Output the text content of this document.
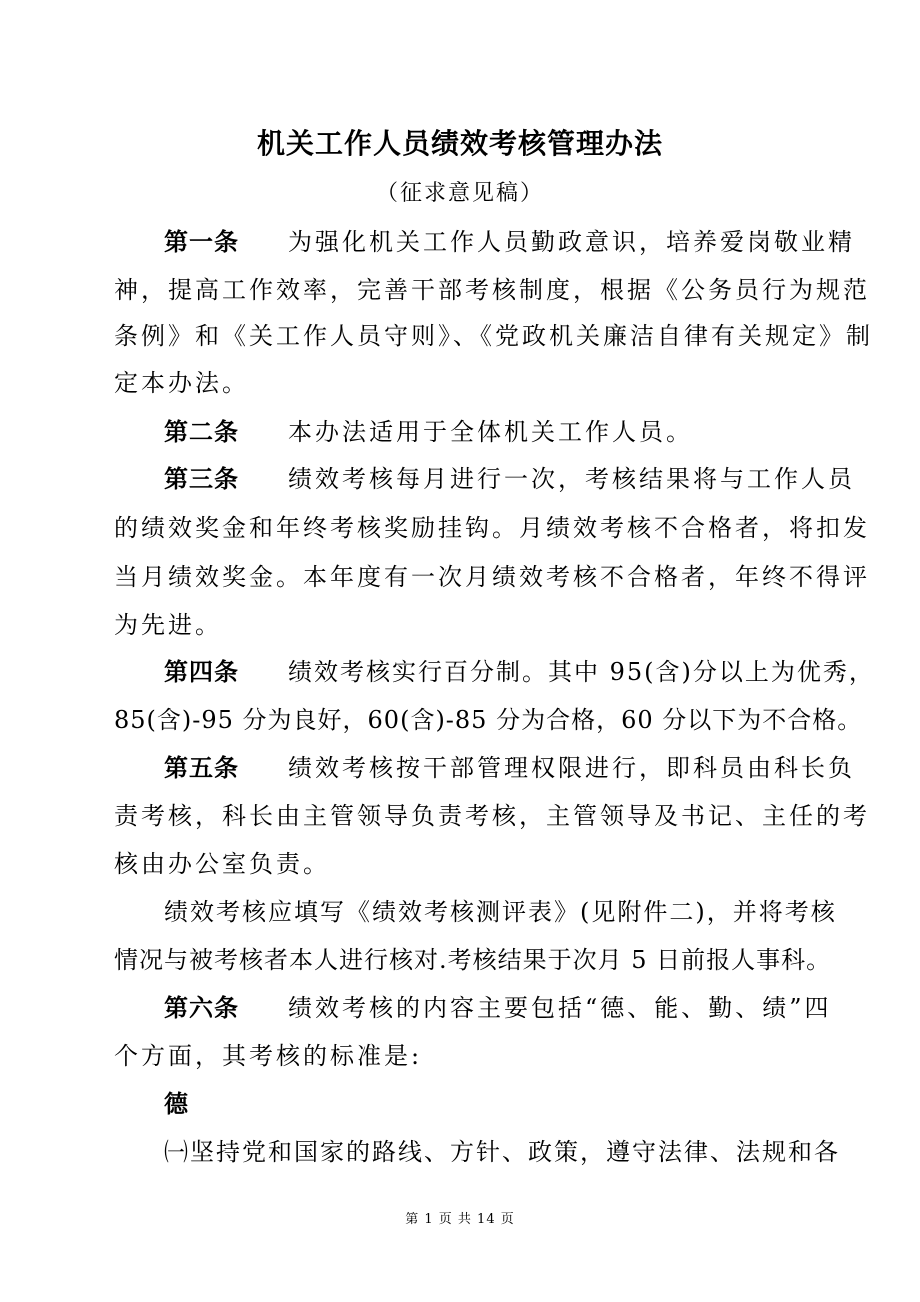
机关工作人员绩效考核管理办法
（征求意见稿）
第一条 为强化机关工作人员勤政意识，培养爱岗敬业精
神，提高工作效率，完善干部考核制度，根据《公务员行为规范
条例》和《关工作人员守则》、《党政机关廉洁自律有关规定》制
定本办法。
第二条 本办法适用于全体机关工作人员。
第三条 绩效考核每月进行一次，考核结果将与工作人员
的绩效奖金和年终考核奖励挂钩。月绩效考核不合格者，将扣发
当月绩效奖金。本年度有一次月绩效考核不合格者，年终不得评
为先进。
第四条 绩效考核实行百分制。其中 95(含)分以上为优秀，
85(含)-95 分为良好，60(含)-85 分为合格，60 分以下为不合格。
第五条 绩效考核按干部管理权限进行，即科员由科长负
责考核，科长由主管领导负责考核，主管领导及书记、主任的考
核由办公室负责。
绩效考核应填写《绩效考核测评表》(见附件二)，并将考核
情况与被考核者本人进行核对.考核结果于次月 5 日前报人事科。
第六条 绩效考核的内容主要包括“德、能、勤、绩”四
个方面，其考核的标准是:
德
㈠坚持党和国家的路线、方针、政策，遵守法律、法规和各
第 1 页 共 14 页
